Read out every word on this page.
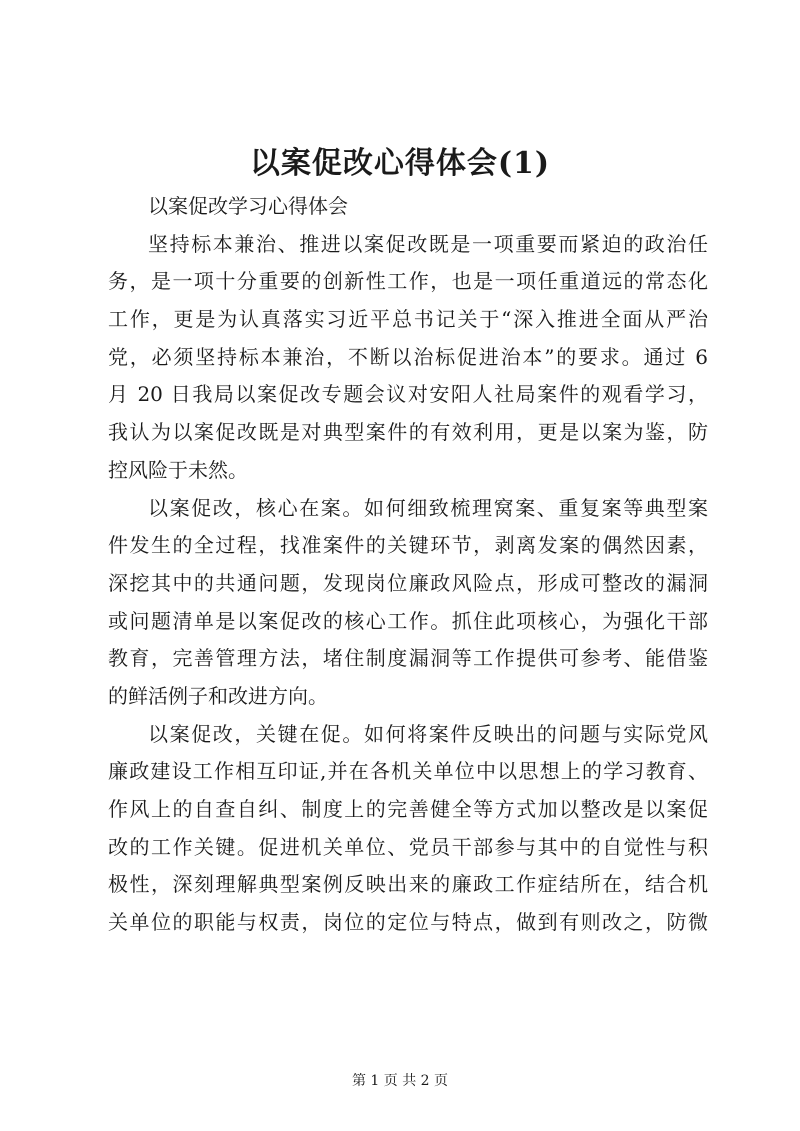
以案促改心得体会(1)
以案促改学习心得体会
坚持标本兼治、推进以案促改既是一项重要而紧迫的政治任
务，是一项十分重要的创新性工作，也是一项任重道远的常态化
工作，更是为认真落实习近平总书记关于“深入推进全面从严治
党，必须坚持标本兼治，不断以治标促进治本”的要求。通过 6
月 20 日我局以案促改专题会议对安阳人社局案件的观看学习，
我认为以案促改既是对典型案件的有效利用，更是以案为鉴，防
控风险于未然。
以案促改，核心在案。如何细致梳理窝案、重复案等典型案
件发生的全过程，找准案件的关键环节，剥离发案的偶然因素，
深挖其中的共通问题，发现岗位廉政风险点，形成可整改的漏洞
或问题清单是以案促改的核心工作。抓住此项核心，为强化干部
教育，完善管理方法，堵住制度漏洞等工作提供可参考、能借鉴
的鲜活例子和改进方向。
以案促改，关键在促。如何将案件反映出的问题与实际党风
廉政建设工作相互印证,并在各机关单位中以思想上的学习教育、
作风上的自查自纠、制度上的完善健全等方式加以整改是以案促
改的工作关键。促进机关单位、党员干部参与其中的自觉性与积
极性，深刻理解典型案例反映出来的廉政工作症结所在，结合机
关单位的职能与权责，岗位的定位与特点，做到有则改之，防微
第 1 页 共 2 页
